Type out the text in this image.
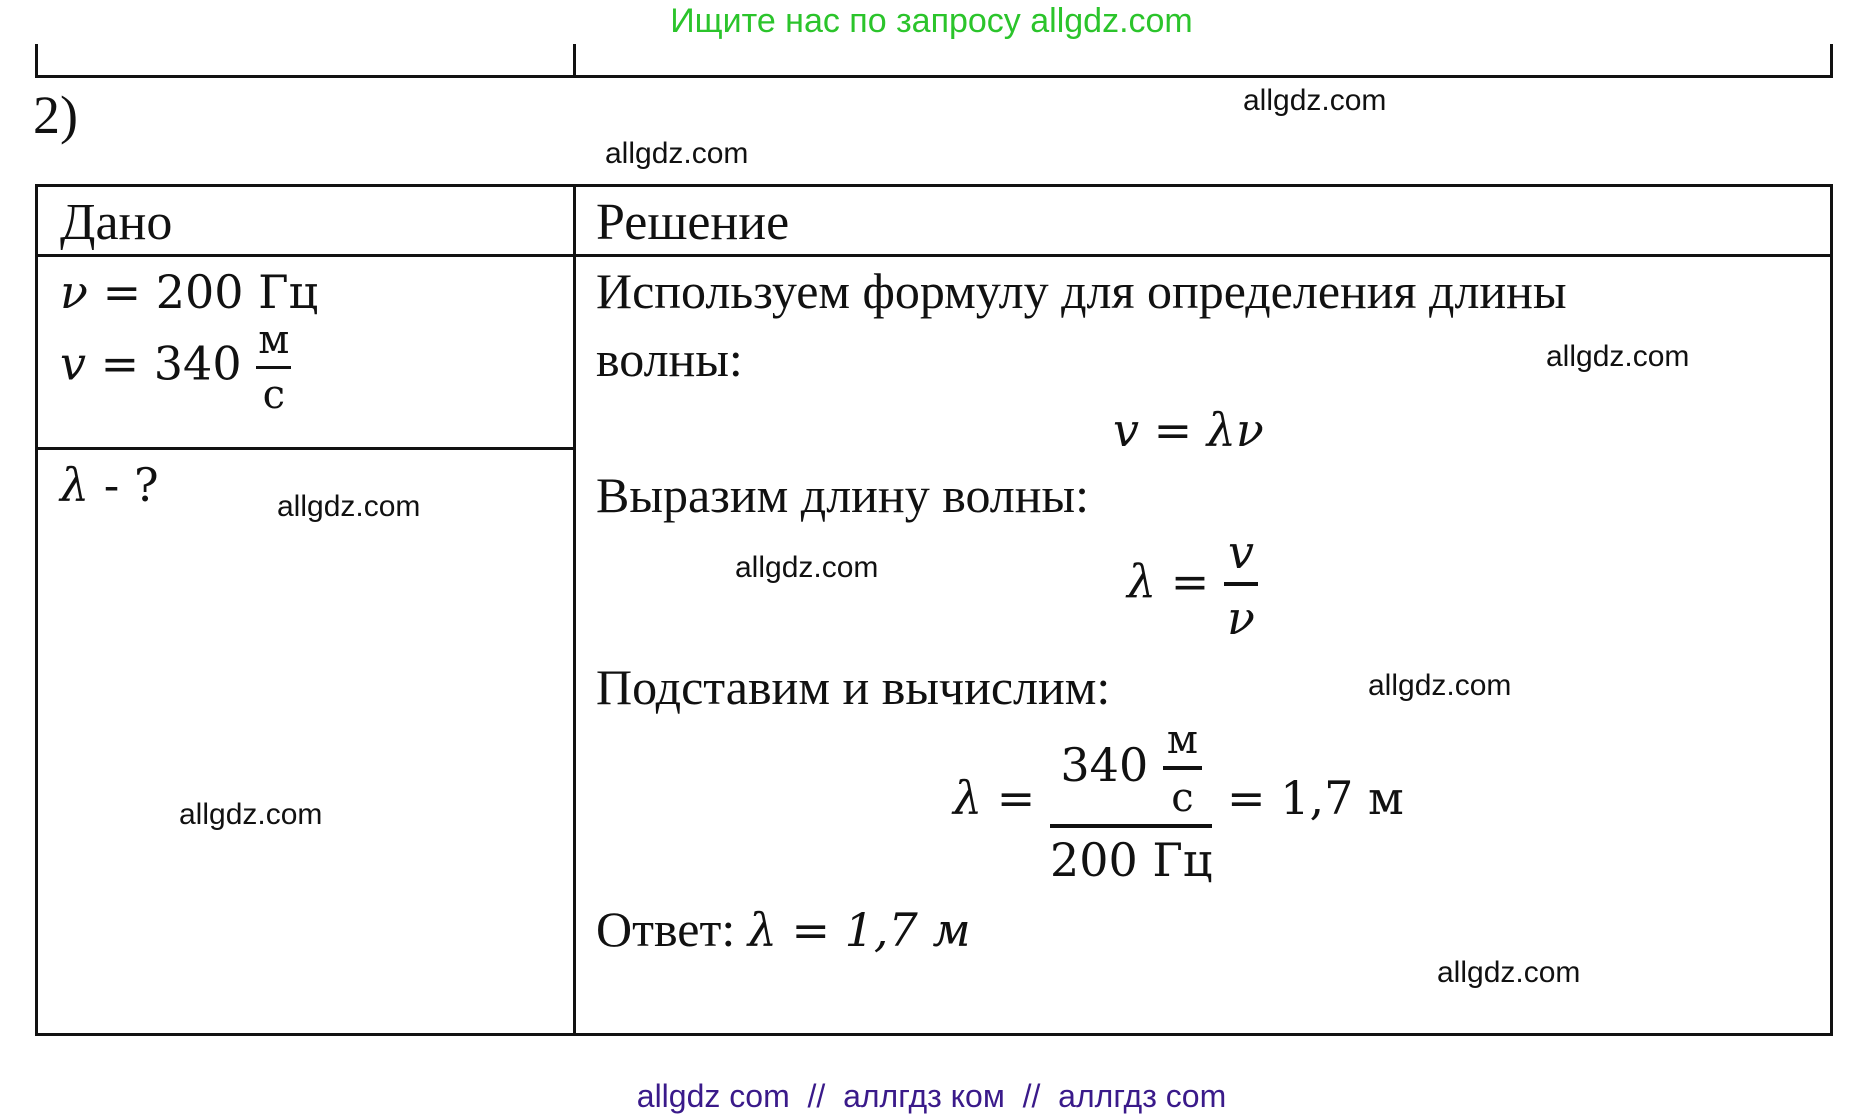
Ищите нас по запросу allgdz.com
2)	allgdz.com
allgdz.com
allgdz.com
allgdz.com
allgdz.com
allgdz.com
allgdz.com
allgdz.com
Дано	Решение
ν = 200 Гц
$v = 340 \frac{м}{с}$
λ - ?
Используем формулу для определения длины
волны:
v = λν
Выразим длину волны:
$\lambda = \frac{v}{\nu}$
Подставим и вычислим:
$\lambda = \frac{340 \frac{м}{с}}{200 Гц} = 1,7$ м
Ответ: λ = 1,7 м
allgdz com  //  аллгдз ком  //  аллгдз com
